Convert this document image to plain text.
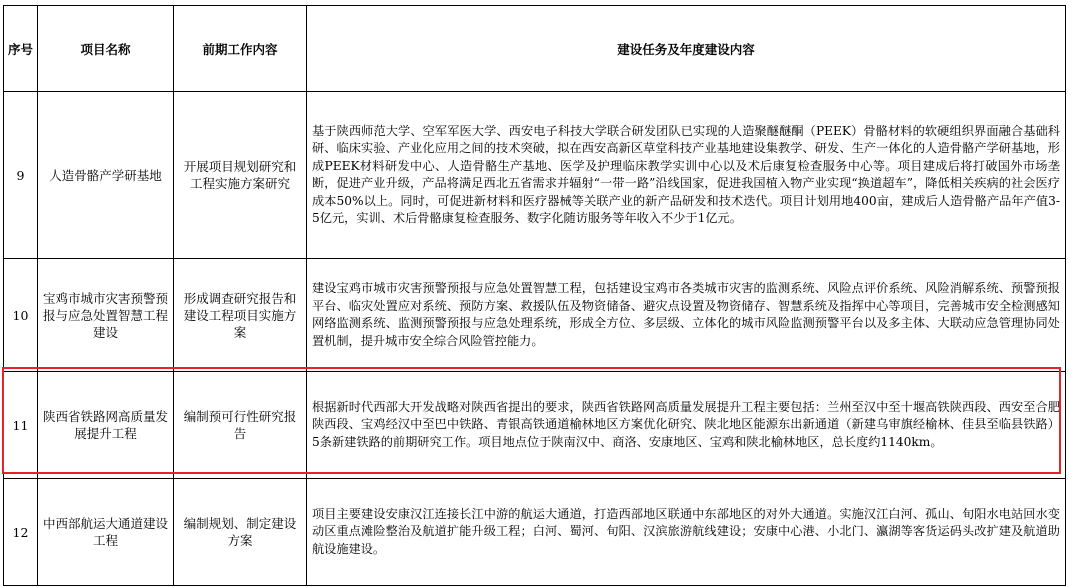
序号	项目名称	前期工作内容	建设任务及年度建设内容
9	人造骨骼产学研基地	开展项目规划研究和工程实施方案研究	基于陕西师范大学、空军军医大学、西安电子科技大学联合研发团队已实现的人造聚醚醚酮（PEEK）骨骼材料的软硬组织界面融合基础科研、临床实验、产业化应用之间的技术突破，拟在西安高新区草堂科技产业基地建设集教学、研发、生产一体化的人造骨骼产学研基地，形成PEEK材料研发中心、人造骨骼生产基地、医学及护理临床教学实训中心以及术后康复检查服务中心等。项目建成后将打破国外市场垄断，促进产业升级，产品将满足西北五省需求并辐射“一带一路”沿线国家，促进我国植入物产业实现“换道超车”，降低相关疾病的社会医疗成本50%以上。同时，可促进新材料和医疗器械等关联产业的新产品研发和技术迭代。项目计划用地400亩，建成后人造骨骼产品年产值3-5亿元，实训、术后骨骼康复检查服务、数字化随访服务等年收入不少于1亿元。
10	宝鸡市城市灾害预警预报与应急处置智慧工程建设	形成调查研究报告和建设工程项目实施方案	建设宝鸡市城市灾害预警预报与应急处置智慧工程，包括建设宝鸡市各类城市灾害的监测系统、风险点评价系统、风险消解系统、预警预报平台、临灾处置应对系统、预防方案、救援队伍及物资储备、避灾点设置及物资储存、智慧系统及指挥中心等项目，完善城市安全检测感知网络监测系统、监测预警预报与应急处理系统，形成全方位、多层级、立体化的城市风险监测预警平台以及多主体、大联动应急管理协同处置机制，提升城市安全综合风险管控能力。
11	陕西省铁路网高质量发展提升工程	编制预可行性研究报告	根据新时代西部大开发战略对陕西省提出的要求，陕西省铁路网高质量发展提升工程主要包括：兰州至汉中至十堰高铁陕西段、西安至合肥陕西段、宝鸡经汉中至巴中铁路、青银高铁通道榆林地区方案优化研究、陕北地区能源东出新通道（新建乌审旗经榆林、佳县至临县铁路）5条新建铁路的前期研究工作。项目地点位于陕南汉中、商洛、安康地区、宝鸡和陕北榆林地区，总长度约1140km。
12	中西部航运大通道建设工程	编制规划、制定建设方案	项目主要建设安康汉江连接长江中游的航运大通道，打造西部地区联通中东部地区的对外大通道。实施汉江白河、孤山、旬阳水电站回水变动区重点滩险整治及航道扩能升级工程；白河、蜀河、旬阳、汉滨旅游航线建设；安康中心港、小北门、瀛湖等客货运码头改扩建及航道助航设施建设。
